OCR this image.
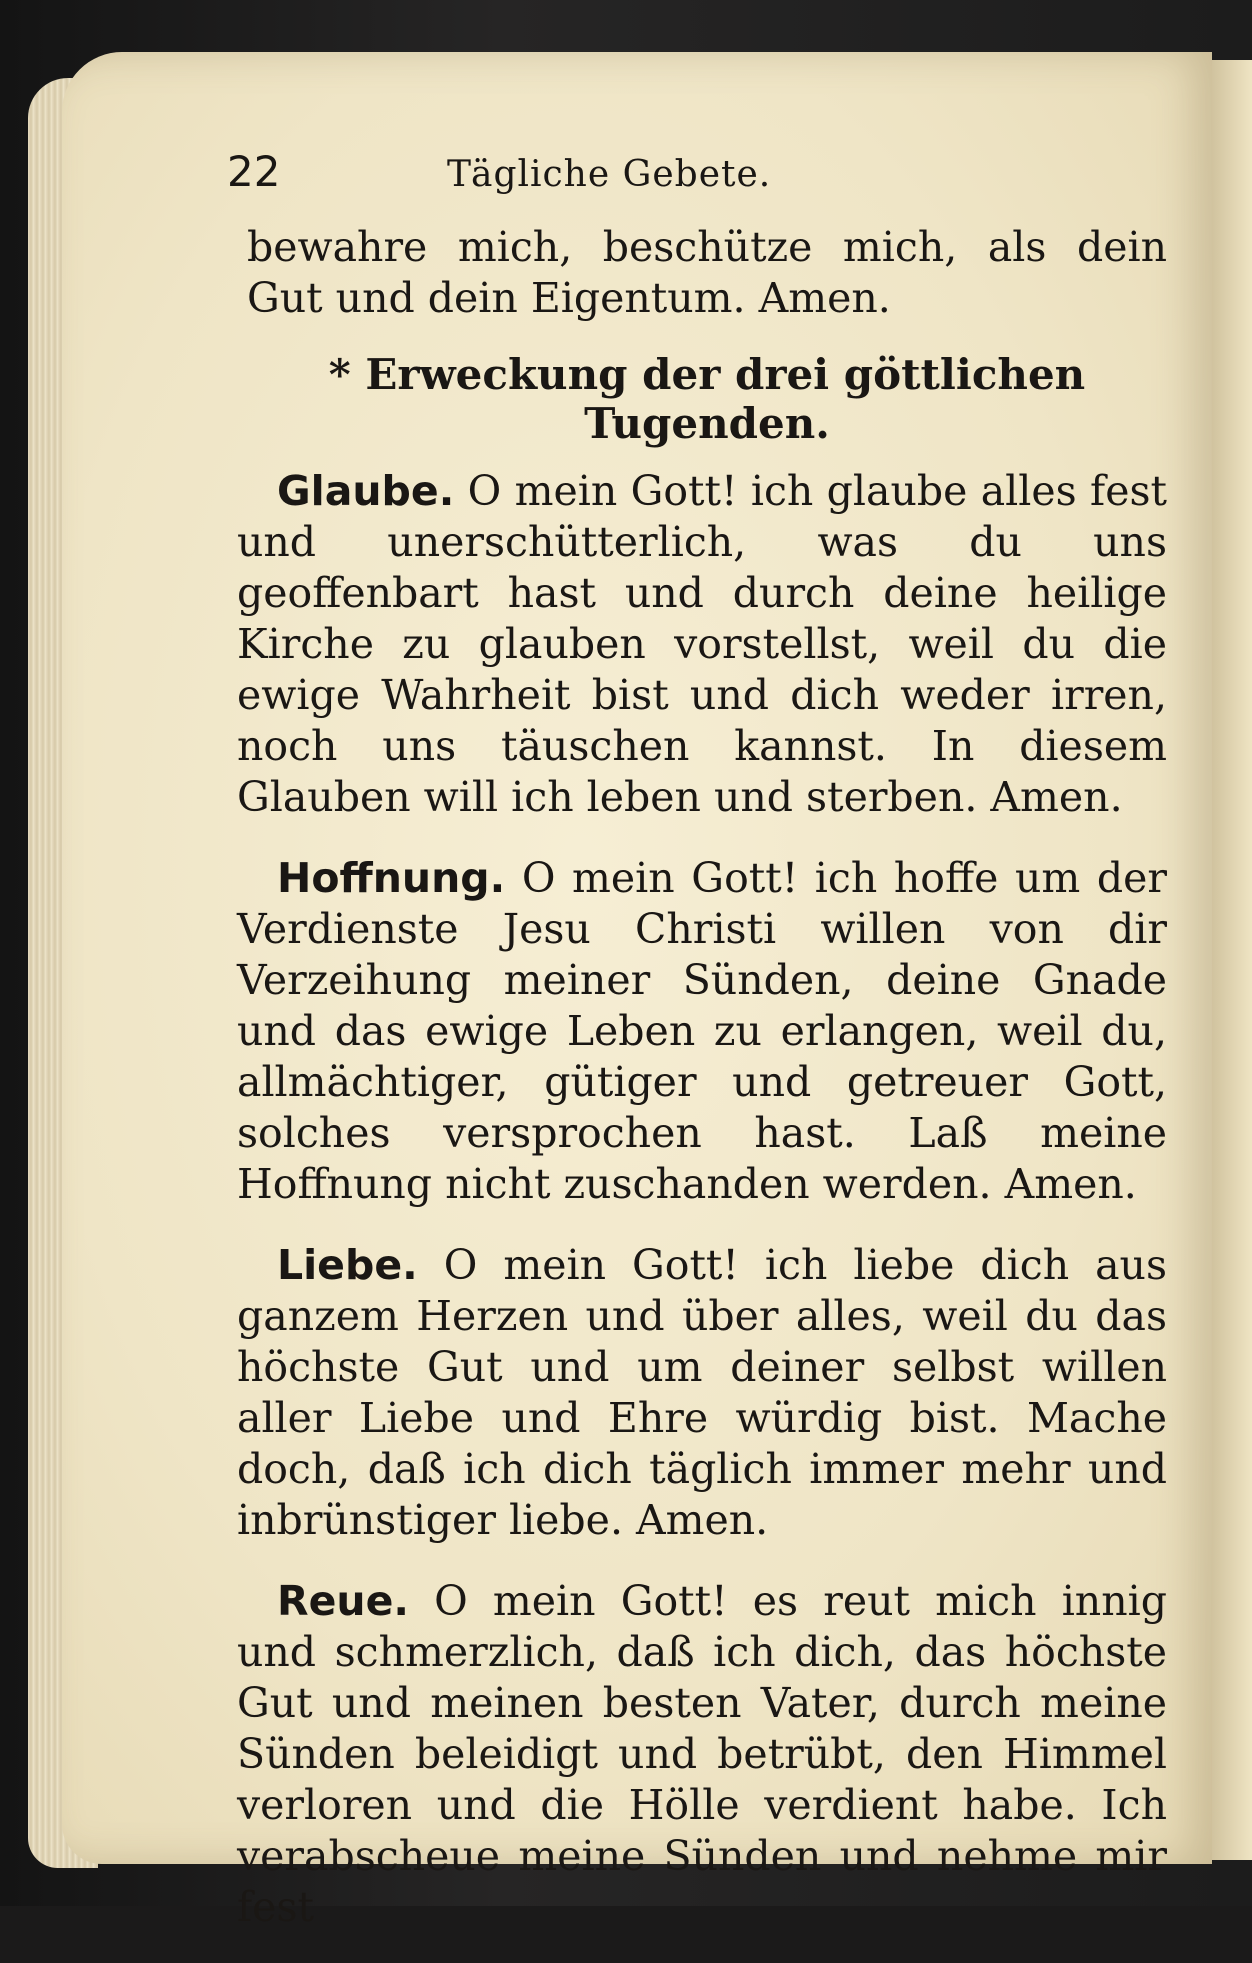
22	Tägliche Gebete.

bewahre mich, beschütze mich, als dein Gut und dein Eigentum. Amen.

* Erweckung der drei göttlichen Tugenden.

Glaube. O mein Gott! ich glaube alles fest und unerschütterlich, was du uns geoffenbart hast und durch deine heilige Kirche zu glauben vorstellst, weil du die ewige Wahrheit bist und dich weder irren, noch uns täuschen kannst. In diesem Glauben will ich leben und sterben. Amen.

Hoffnung. O mein Gott! ich hoffe um der Verdienste Jesu Christi willen von dir Verzeihung meiner Sünden, deine Gnade und das ewige Leben zu erlangen, weil du, allmächtiger, gütiger und getreuer Gott, solches versprochen hast. Laß meine Hoffnung nicht zuschanden werden. Amen.

Liebe. O mein Gott! ich liebe dich aus ganzem Herzen und über alles, weil du das höchste Gut und um deiner selbst willen aller Liebe und Ehre würdig bist. Mache doch, daß ich dich täglich immer mehr und inbrünstiger liebe. Amen.

Reue. O mein Gott! es reut mich innig und schmerzlich, daß ich dich, das höchste Gut und meinen besten Vater, durch meine Sünden beleidigt und betrübt, den Himmel verloren und die Hölle verdient habe. Ich verabscheue meine Sünden und nehme mir fest
